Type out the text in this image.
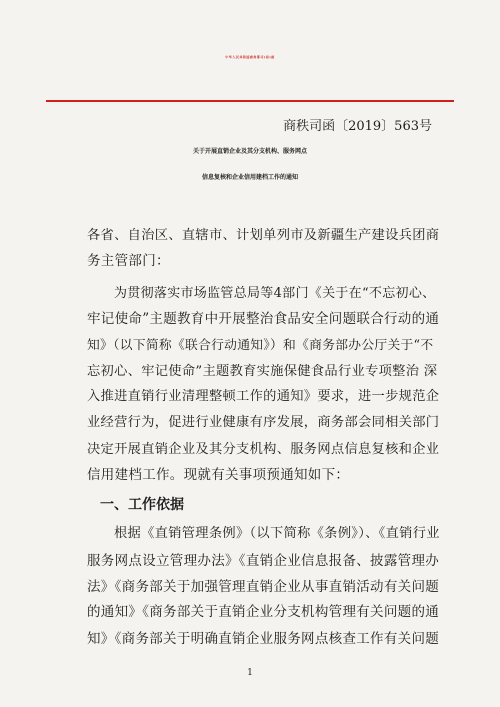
中华人民共和国商务部司(局)函
商秩司函〔2019〕563号
关于开展直销企业及其分支机构、服务网点
信息复核和企业信用建档工作的通知
各省、自治区、直辖市、计划单列市及新疆生产建设兵团商
务主管部门：
为贯彻落实市场监管总局等4部门《关于在“不忘初心、
牢记使命”主题教育中开展整治食品安全问题联合行动的通
知》（以下简称《联合行动通知》）和《商务部办公厅关于“不
忘初心、牢记使命”主题教育实施保健食品行业专项整治 深
入推进直销行业清理整顿工作的通知》要求，进一步规范企
业经营行为，促进行业健康有序发展，商务部会同相关部门
决定开展直销企业及其分支机构、服务网点信息复核和企业
信用建档工作。现就有关事项预通知如下：
一、工作依据
根据《直销管理条例》（以下简称《条例》）、《直销行业
服务网点设立管理办法》《直销企业信息报备、披露管理办
法》《商务部关于加强管理直销企业从事直销活动有关问题
的通知》《商务部关于直销企业分支机构管理有关问题的通
知》《商务部关于明确直销企业服务网点核查工作有关问题
1
